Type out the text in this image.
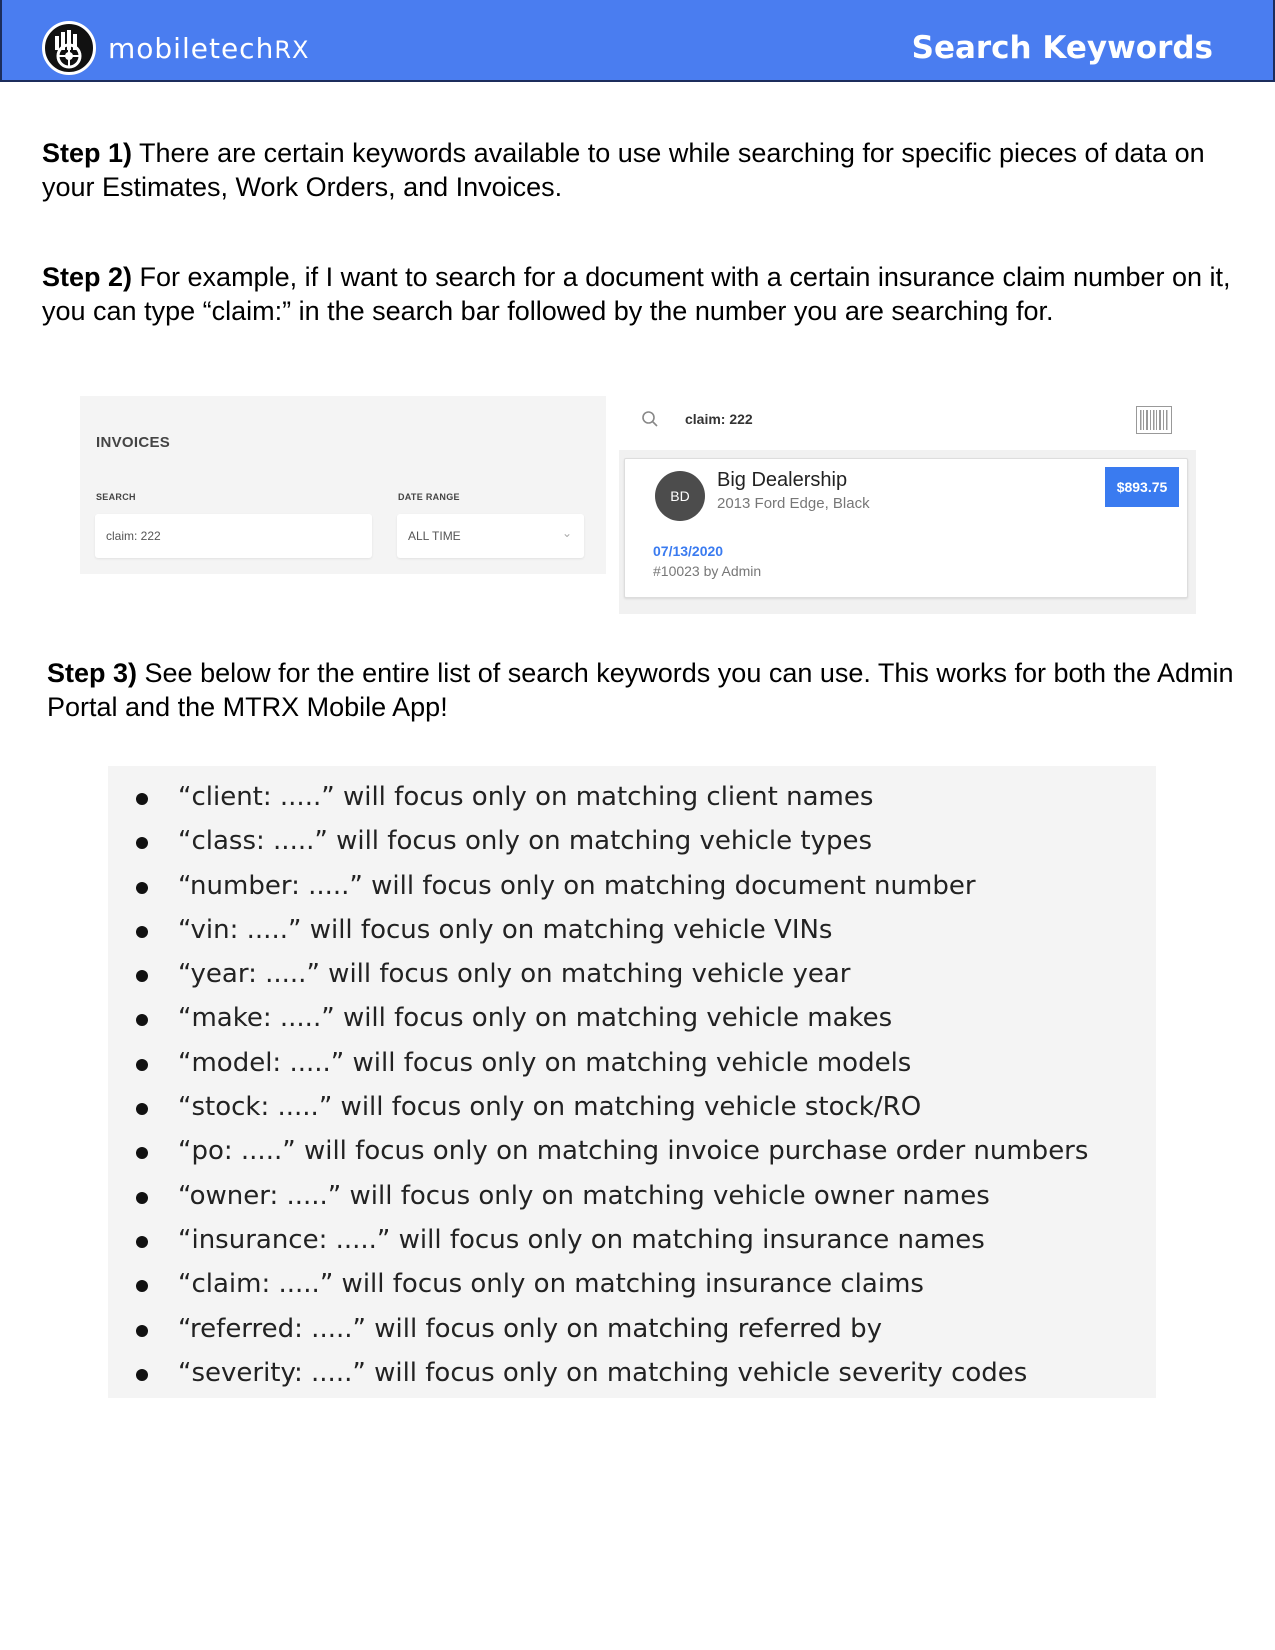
mobiletechRX	Search Keywords

Step 1) There are certain keywords available to use while searching for specific pieces of data on your Estimates, Work Orders, and Invoices.

Step 2) For example, if I want to search for a document with a certain insurance claim number on it, you can type “claim:” in the search bar followed by the number you are searching for.

INVOICES
SEARCH	DATE RANGE
claim: 222	ALL TIME	⌄
claim: 222
BD
Big Dealership
2013 Ford Edge, Black
$893.75
07/13/2020
#10023 by Admin

Step 3) See below for the entire list of search keywords you can use. This works for both the Admin Portal and the MTRX Mobile App!

“client: .....” will focus only on matching client names
“class: .....” will focus only on matching vehicle types
“number: .....” will focus only on matching document number
“vin: .....” will focus only on matching vehicle VINs
“year: .....” will focus only on matching vehicle year
“make: .....” will focus only on matching vehicle makes
“model: .....” will focus only on matching vehicle models
“stock: .....” will focus only on matching vehicle stock/RO
“po: .....” will focus only on matching invoice purchase order numbers
“owner: .....” will focus only on matching vehicle owner names
“insurance: .....” will focus only on matching insurance names
“claim: .....” will focus only on matching insurance claims
“referred: .....” will focus only on matching referred by
“severity: .....” will focus only on matching vehicle severity codes
